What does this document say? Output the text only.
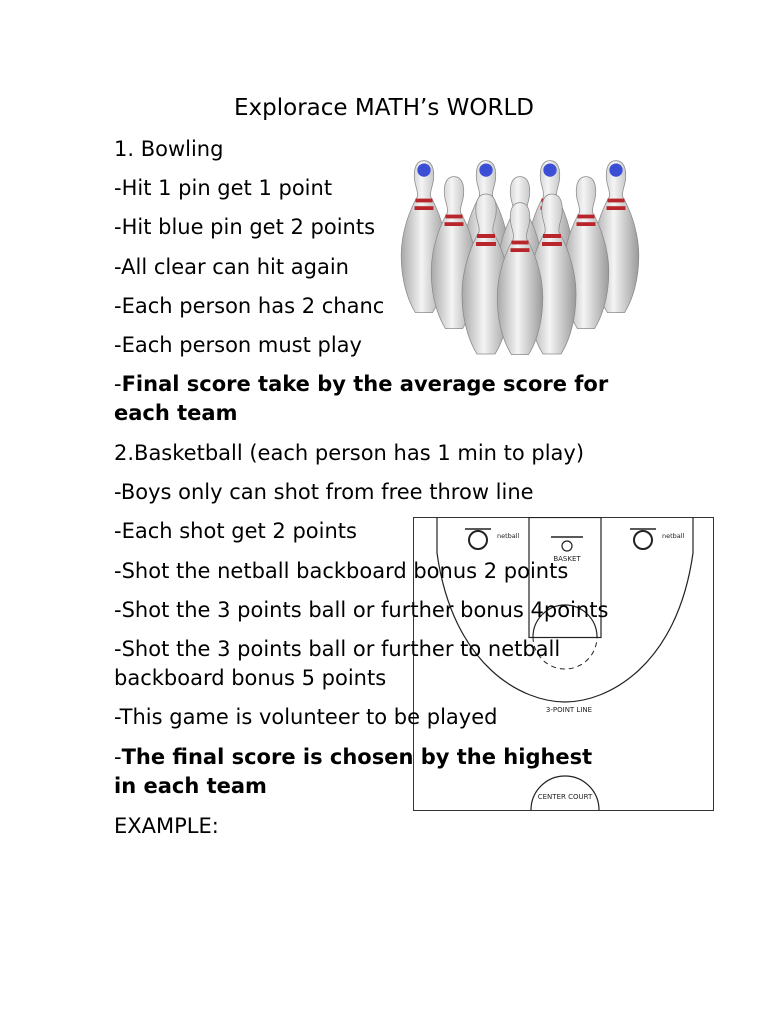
Explorace MATH’s WORLD

1. Bowling

-Hit 1 pin get 1 point

-Hit blue pin get 2 points

-All clear can hit again

-Each person has 2 chanc

-Each person must play

-Final score take by the average score for

each team

BASKET
netball	netball
3-POINT LINE
CENTER COURT

2.Basketball (each person has 1 min to play)

-Boys only can shot from free throw line

-Each shot get 2 points

-Shot the netball backboard bonus 2 points

-Shot the 3 points ball or further bonus 4points

-Shot the 3 points ball or further to netball

backboard bonus 5 points

-This game is volunteer to be played

-The final score is chosen by the highest

in each team

EXAMPLE:
